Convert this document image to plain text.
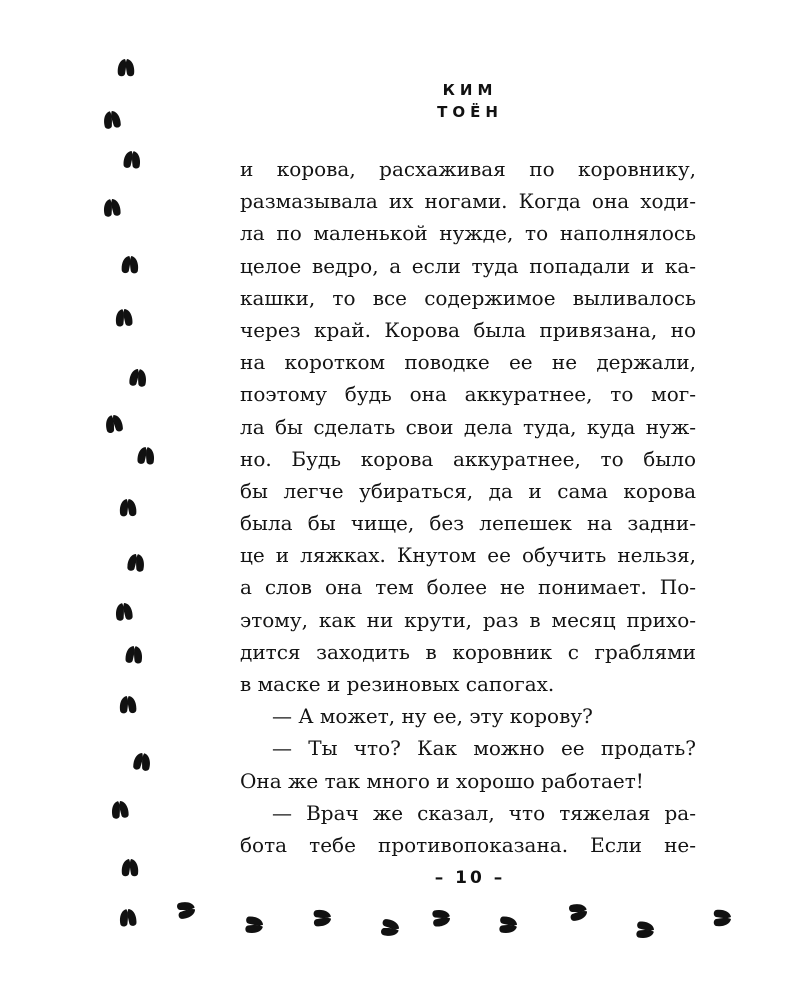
КИМ
ТОЁН
и корова, расхаживая по коровнику,
размазывала их ногами. Когда она ходи-
ла по маленькой нужде, то наполнялось
целое ведро, а если туда попадали и ка-
кашки, то все содержимое выливалось
через край. Корова была привязана, но
на коротком поводке ее не держали,
поэтому будь она аккуратнее, то мог-
ла бы сделать свои дела туда, куда нуж-
но. Будь корова аккуратнее, то было
бы легче убираться, да и сама корова
была бы чище, без лепешек на задни-
це и ляжках. Кнутом ее обучить нельзя,
а слов она тем более не понимает. По-
этому, как ни крути, раз в месяц прихо-
дится заходить в коровник с граблями
в маске и резиновых сапогах.
— А может, ну ее, эту корову?
— Ты что? Как можно ее продать?
Она же так много и хорошо работает!
— Врач же сказал, что тяжелая ра-
бота тебе противопоказана. Если не-
– 10 –
